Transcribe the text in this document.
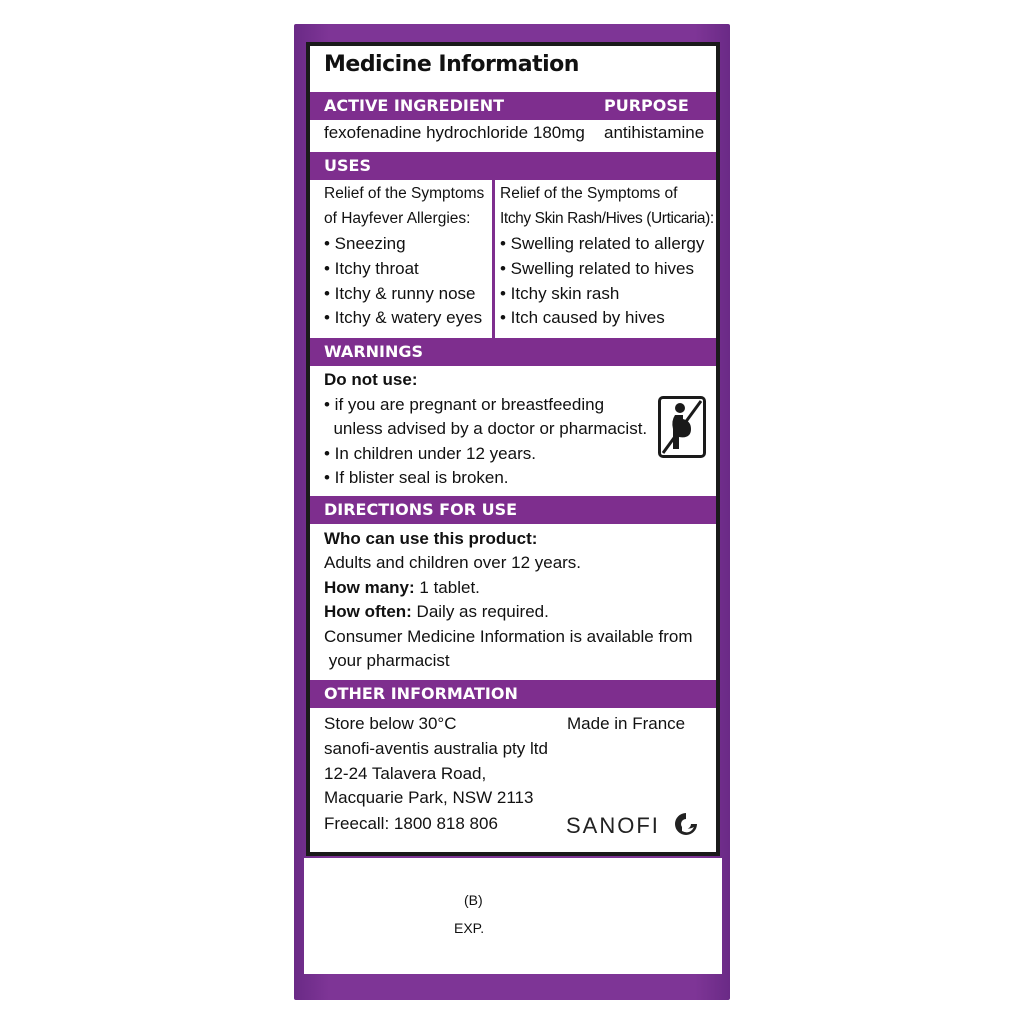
Medicine Information
ACTIVE INGREDIENT	PURPOSE
fexofenadine hydrochloride 180mg antihistamine
USES
Relief of the Symptoms
of Hayfever Allergies:
• Sneezing
• Itchy throat
• Itchy & runny nose
• Itchy & watery eyes
Relief of the Symptoms of
Itchy Skin Rash/Hives (Urticaria):
• Swelling related to allergy
• Swelling related to hives
• Itchy skin rash
• Itch caused by hives
WARNINGS
Do not use:
• if you are pregnant or breastfeeding
unless advised by a doctor or pharmacist.
• In children under 12 years.
• If blister seal is broken.
DIRECTIONS FOR USE
Who can use this product:
Adults and children over 12 years.
How many: 1 tablet.
How often: Daily as required.
Consumer Medicine Information is available from
your pharmacist
OTHER INFORMATION
Store below 30°C
sanofi-aventis australia pty ltd
12-24 Talavera Road,
Macquarie Park, NSW 2113
Freecall: 1800 818 806
Made in France
SANOFI
(B)
EXP.
